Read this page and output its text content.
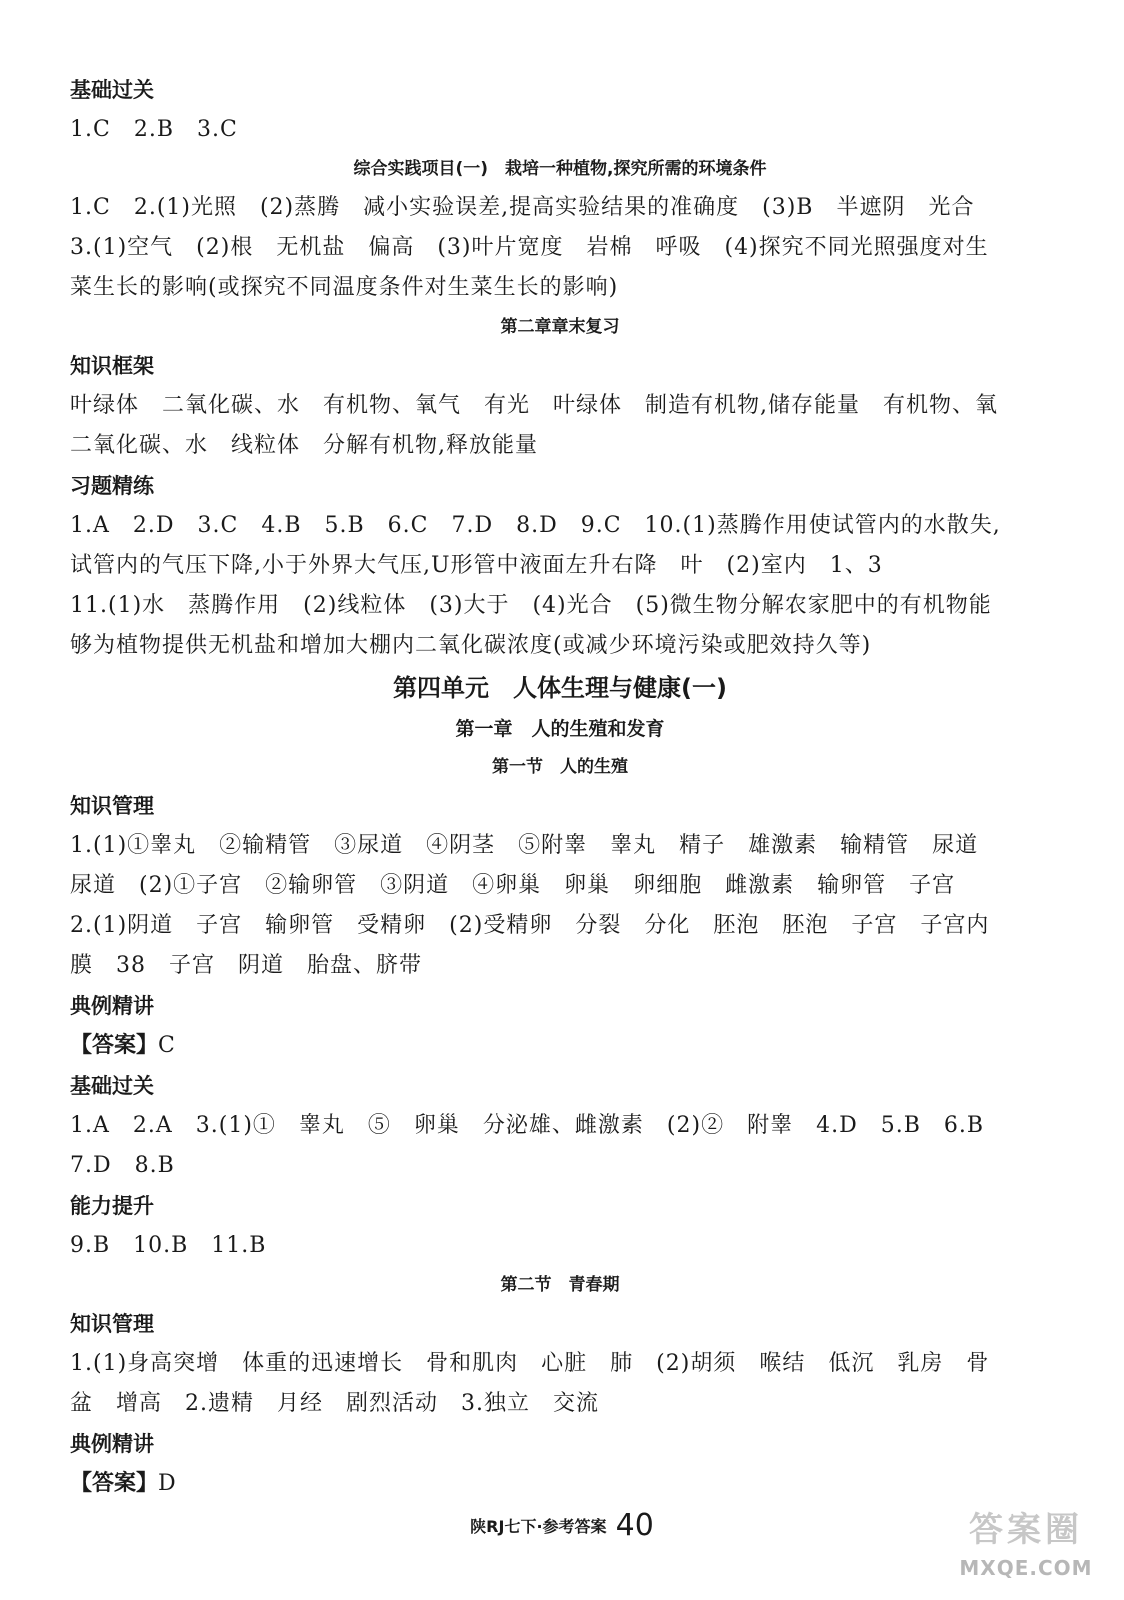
基础过关

1.C　2.B　3.C

综合实践项目(一)　栽培一种植物,探究所需的环境条件

1.C　2.(1)光照　(2)蒸腾　减小实验误差,提高实验结果的准确度　(3)B　半遮阴　光合

3.(1)空气　(2)根　无机盐　偏高　(3)叶片宽度　岩棉　呼吸　(4)探究不同光照强度对生

菜生长的影响(或探究不同温度条件对生菜生长的影响)

第二章章末复习

知识框架

叶绿体　二氧化碳、水　有机物、氧气　有光　叶绿体　制造有机物,储存能量　有机物、氧

二氧化碳、水　线粒体　分解有机物,释放能量

习题精练

1.A　2.D　3.C　4.B　5.B　6.C　7.D　8.D　9.C　10.(1)蒸腾作用使试管内的水散失,

试管内的气压下降,小于外界大气压,U形管中液面左升右降　叶　(2)室内　1、3

11.(1)水　蒸腾作用　(2)线粒体　(3)大于　(4)光合　(5)微生物分解农家肥中的有机物能

够为植物提供无机盐和增加大棚内二氧化碳浓度(或减少环境污染或肥效持久等)

第四单元　人体生理与健康(一)

第一章　人的生殖和发育

第一节　人的生殖

知识管理

1.(1)①睾丸　②输精管　③尿道　④阴茎　⑤附睾　睾丸　精子　雄激素　输精管　尿道

尿道　(2)①子宫　②输卵管　③阴道　④卵巢　卵巢　卵细胞　雌激素　输卵管　子宫

2.(1)阴道　子宫　输卵管　受精卵　(2)受精卵　分裂　分化　胚泡　胚泡　子宫　子宫内

膜　38　子宫　阴道　胎盘、脐带

典例精讲

【答案】C

基础过关

1.A　2.A　3.(1)①　睾丸　⑤　卵巢　分泌雄、雌激素　(2)②　附睾　4.D　5.B　6.B

7.D　8.B

能力提升

9.B　10.B　11.B

第二节　青春期

知识管理

1.(1)身高突增　体重的迅速增长　骨和肌肉　心脏　肺　(2)胡须　喉结　低沉　乳房　骨

盆　增高　2.遗精　月经　剧烈活动　3.独立　交流

典例精讲

【答案】D

陕RJ七下·参考答案 40	答案圈
MXQE.COM
